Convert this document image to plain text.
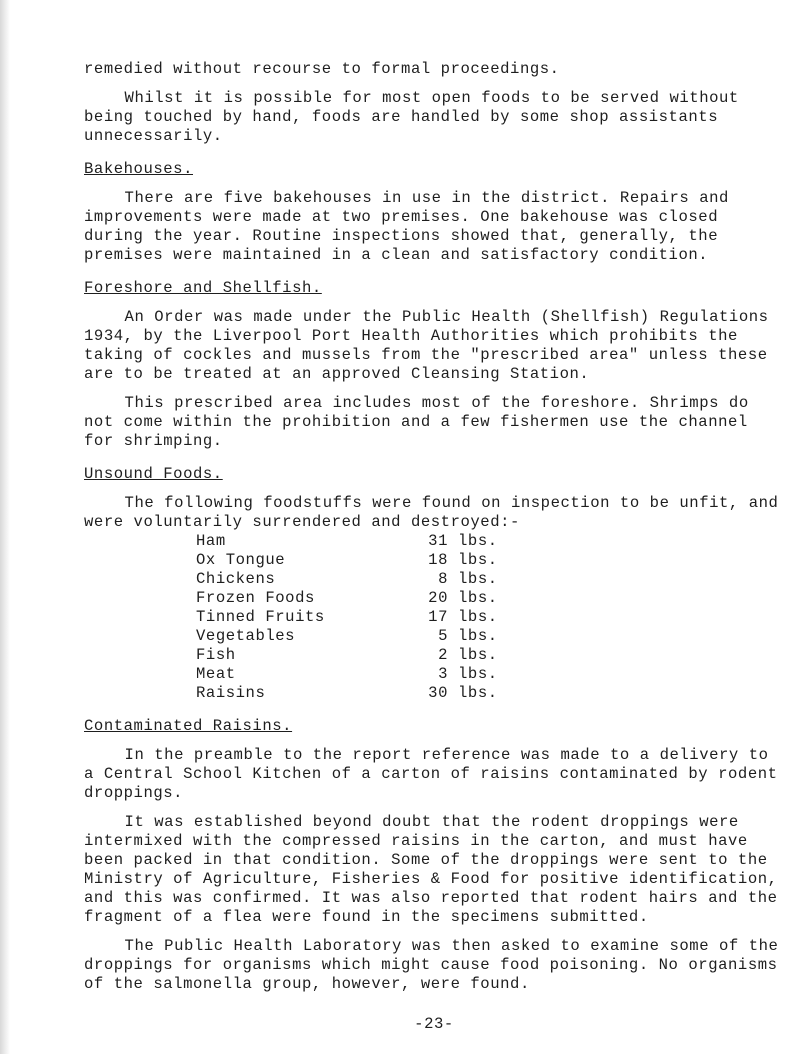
remedied without recourse to formal proceedings.

Whilst it is possible for most open foods to be served without being touched by hand, foods are handled by some shop assistants unnecessarily.

Bakehouses.

There are five bakehouses in use in the district. Repairs and improvements were made at two premises. One bakehouse was closed during the year. Routine inspections showed that, generally, the premises were maintained in a clean and satisfactory condition.

Foreshore and Shellfish.

An Order was made under the Public Health (Shellfish) Regulations 1934, by the Liverpool Port Health Authorities which prohibits the taking of cockles and mussels from the "prescribed area" unless these are to be treated at an approved Cleansing Station.

This prescribed area includes most of the foreshore. Shrimps do not come within the prohibition and a few fishermen use the channel for shrimping.

Unsound Foods.

The following foodstuffs were found on inspection to be unfit, and were voluntarily surrendered and destroyed:-

Ham	31	lbs.
Ox Tongue	18	lbs.
Chickens	8	lbs.
Frozen Foods	20	lbs.
Tinned Fruits	17	lbs.
Vegetables	5	lbs.
Fish	2	lbs.
Meat	3	lbs.
Raisins	30	lbs.

Contaminated Raisins.

In the preamble to the report reference was made to a delivery to a Central School Kitchen of a carton of raisins contaminated by rodent droppings.

It was established beyond doubt that the rodent droppings were intermixed with the compressed raisins in the carton, and must have been packed in that condition. Some of the droppings were sent to the Ministry of Agriculture, Fisheries & Food for positive identification, and this was confirmed. It was also reported that rodent hairs and the fragment of a flea were found in the specimens submitted.

The Public Health Laboratory was then asked to examine some of the droppings for organisms which might cause food poisoning. No organisms of the salmonella group, however, were found.

-23-
